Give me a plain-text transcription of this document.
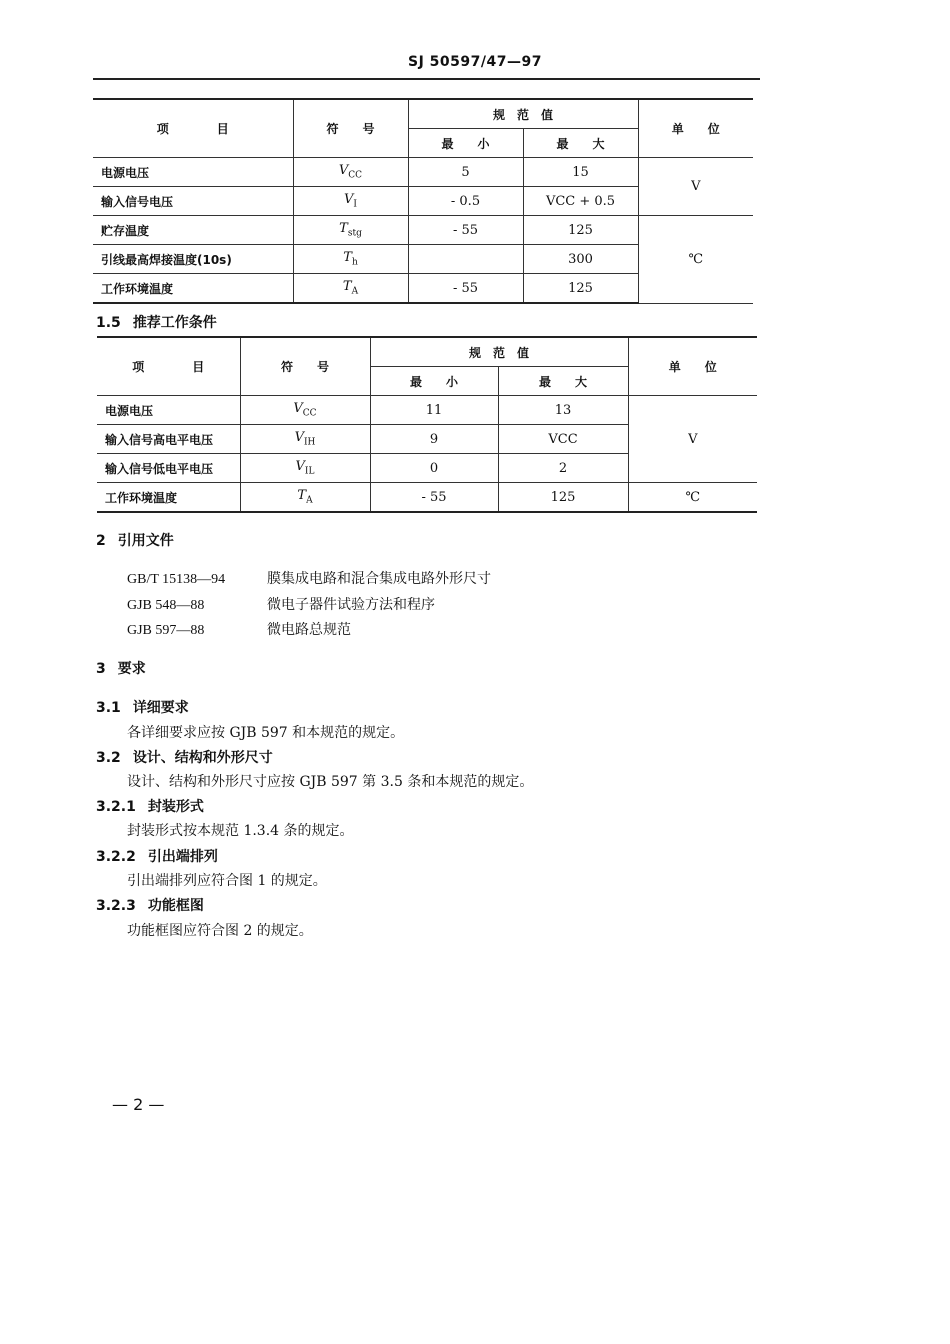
SJ 50597/47—97
项　　　　目	符　　号	规　范　值		单　　位
		最　　小	最　　大	
电源电压	$V_{CC}$	5	15	V
输入信号电压	$V_I$	- 0.5	VCC + 0.5	
贮存温度	$T_{stg}$	- 55	125	℃
引线最高焊接温度(10s)	$T_h$		300	
工作环境温度	$T_A$	- 55	125	
1.5 推荐工作条件
项　　　　目	符　　号	规　范　值		单　　位
		最　　小	最　　大	
电源电压	$V_{CC}$	11	13	V
输入信号高电平电压	$V_{IH}$	9	VCC	
输入信号低电平电压	$V_{IL}$	0	2	
工作环境温度	$T_A$	- 55	125	℃
2 引用文件
GB/T 15138—94	膜集成电路和混合集成电路外形尺寸
GJB 548—88	微电子器件试验方法和程序
GJB 597—88	微电路总规范
3 要求
3.1 详细要求
各详细要求应按 GJB 597 和本规范的规定。
3.2 设计、结构和外形尺寸
设计、结构和外形尺寸应按 GJB 597 第 3.5 条和本规范的规定。
3.2.1 封装形式
封装形式按本规范 1.3.4 条的规定。
3.2.2 引出端排列
引出端排列应符合图 1 的规定。
3.2.3 功能框图
功能框图应符合图 2 的规定。
— 2 —
